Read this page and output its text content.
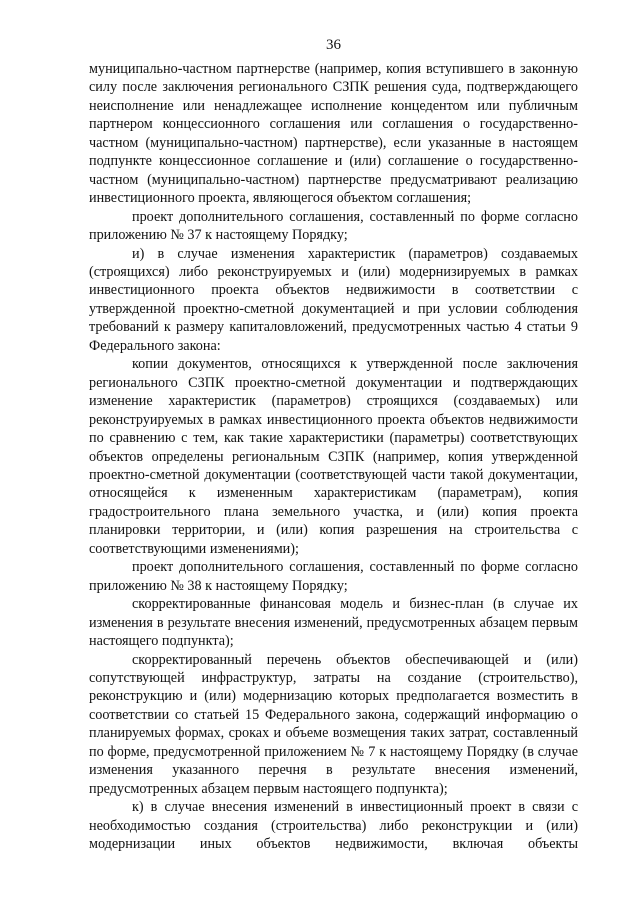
36

муниципально-частном партнерстве (например, копия вступившего в законную силу после заключения регионального СЗПК решения суда, подтверждающего неисполнение или ненадлежащее исполнение концедентом или публичным партнером концессионного соглашения или соглашения о государственно-частном (муниципально-частном) партнерстве), если указанные в настоящем подпункте концессионное соглашение и (или) соглашение о государственно-частном (муниципально-частном) партнерстве предусматривают реализацию инвестиционного проекта, являющегося объектом соглашения;

проект дополнительного соглашения, составленный по форме согласно приложению № 37 к настоящему Порядку;

и) в случае изменения характеристик (параметров) создаваемых (строящихся) либо реконструируемых и (или) модернизируемых в рамках инвестиционного проекта объектов недвижимости в соответствии с утвержденной проектно-сметной документацией и при условии соблюдения требований к размеру капиталовложений, предусмотренных частью 4 статьи 9 Федерального закона:

копии документов, относящихся к утвержденной после заключения регионального СЗПК проектно-сметной документации и подтверждающих изменение характеристик (параметров) строящихся (создаваемых) или реконструируемых в рамках инвестиционного проекта объектов недвижимости по сравнению с тем, как такие характеристики (параметры) соответствующих объектов определены региональным СЗПК (например, копия утвержденной проектно-сметной документации (соответствующей части такой документации, относящейся к измененным характеристикам (параметрам), копия градостроительного плана земельного участка, и (или) копия проекта планировки территории, и (или) копия разрешения на строительства с соответствующими изменениями);

проект дополнительного соглашения, составленный по форме согласно приложению № 38 к настоящему Порядку;

скорректированные финансовая модель и бизнес-план (в случае их изменения в результате внесения изменений, предусмотренных абзацем первым настоящего подпункта);

скорректированный перечень объектов обеспечивающей и (или) сопутствующей инфраструктур, затраты на создание (строительство), реконструкцию и (или) модернизацию которых предполагается возместить в соответствии со статьей 15 Федерального закона, содержащий информацию о планируемых формах, сроках и объеме возмещения таких затрат, составленный по форме, предусмотренной приложением № 7 к настоящему Порядку (в случае изменения указанного перечня в результате внесения изменений, предусмотренных абзацем первым настоящего подпункта);

к) в случае внесения изменений в инвестиционный проект в связи с необходимостью создания (строительства) либо реконструкции и (или) модернизации иных объектов недвижимости, включая объекты
